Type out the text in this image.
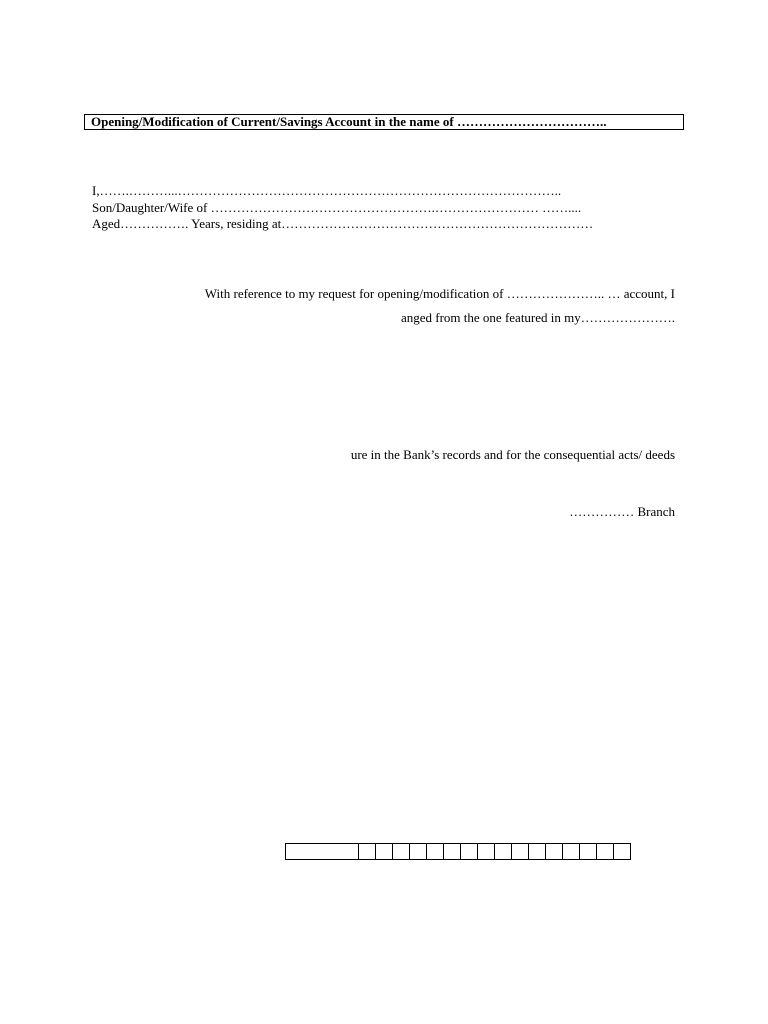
Opening/Modification of Current/Savings Account in the name of ……………………………..
I,…….………...……………………………………………………………………………..
Son/Daughter/Wife of …………………………………………….…………………… ……....
Aged……………. Years, residing at………………………………………………………………
With reference to my request for opening/modification of ………………….. … account, I
anged from the one featured in my………………….
ure in the Bank’s records and for the consequential acts/ deeds
…………… Branch
